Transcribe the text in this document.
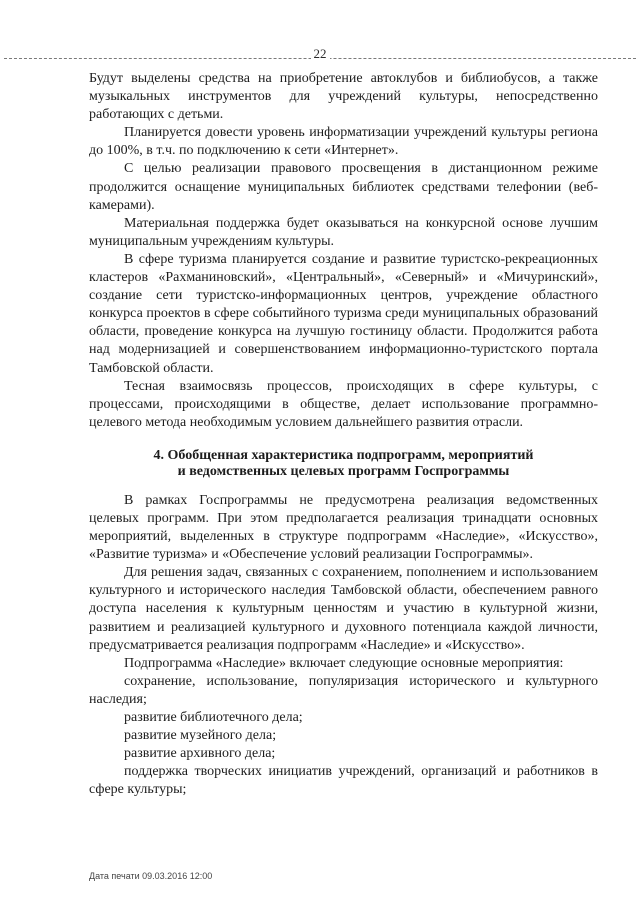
22

Будут выделены средства на приобретение автоклубов и библиобусов, а также музыкальных инструментов для учреждений культуры, непосредственно работающих с детьми.

Планируется довести уровень информатизации учреждений культуры региона до 100%, в т.ч. по подключению к сети «Интернет».

С целью реализации правового просвещения в дистанционном режиме продолжится оснащение муниципальных библиотек средствами телефонии (веб-камерами).

Материальная поддержка будет оказываться на конкурсной основе лучшим муниципальным учреждениям культуры.

В сфере туризма планируется создание и развитие туристско-рекреационных кластеров «Рахманиновский», «Центральный», «Северный» и «Мичуринский», создание сети туристско-информационных центров, учреждение областного конкурса проектов в сфере событийного туризма среди муниципальных образований области, проведение конкурса на лучшую гостиницу области. Продолжится работа над модернизацией и совершенствованием информационно-туристского портала Тамбовской области.

Тесная взаимосвязь процессов, происходящих в сфере культуры, с процессами, происходящими в обществе, делает использование программно-целевого метода необходимым условием дальнейшего развития отрасли.

4. Обобщенная характеристика подпрограмм, мероприятий
и ведомственных целевых программ Госпрограммы

В рамках Госпрограммы не предусмотрена реализация ведомственных целевых программ. При этом предполагается реализация тринадцати основных мероприятий, выделенных в структуре подпрограмм «Наследие», «Искусство», «Развитие туризма» и «Обеспечение условий реализации Госпрограммы».

Для решения задач, связанных с сохранением, пополнением и использованием культурного и исторического наследия Тамбовской области, обеспечением равного доступа населения к культурным ценностям и участию в культурной жизни, развитием и реализацией культурного и духовного потенциала каждой личности, предусматривается реализация подпрограмм «Наследие» и «Искусство».

Подпрограмма «Наследие» включает следующие основные мероприятия:

сохранение, использование, популяризация исторического и культурного наследия;

развитие библиотечного дела;

развитие музейного дела;

развитие архивного дела;

поддержка творческих инициатив учреждений, организаций и работников в сфере культуры;

Дата печати 09.03.2016 12:00
